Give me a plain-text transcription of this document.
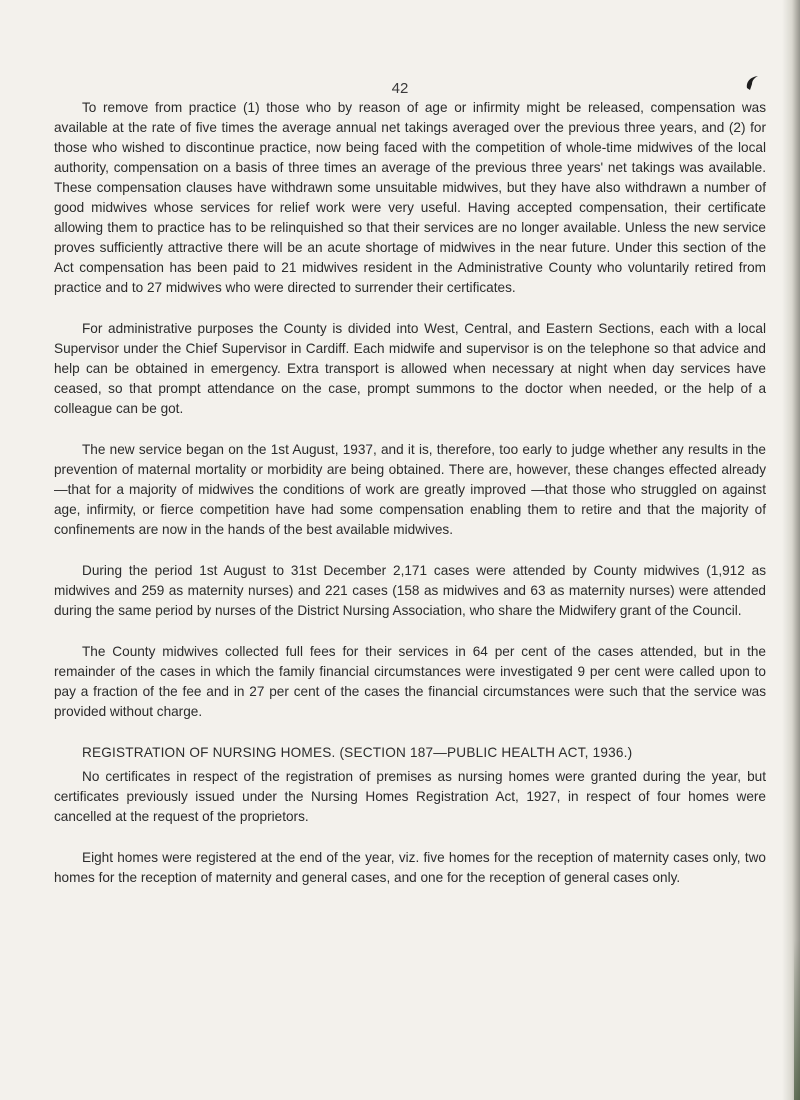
42

To remove from practice (1) those who by reason of age or infirmity might be released, compensation was available at the rate of five times the average annual net takings averaged over the previous three years, and (2) for those who wished to discontinue practice, now being faced with the competition of whole-time midwives of the local authority, compensation on a basis of three times an average of the previous three years' net takings was available. These compensation clauses have withdrawn some unsuitable midwives, but they have also withdrawn a number of good midwives whose services for relief work were very useful. Having accepted compensation, their certificate allowing them to practice has to be relinquished so that their services are no longer available. Unless the new service proves sufficiently attractive there will be an acute shortage of midwives in the near future. Under this section of the Act compensation has been paid to 21 midwives resident in the Administrative County who voluntarily retired from practice and to 27 midwives who were directed to surrender their certificates.

For administrative purposes the County is divided into West, Central, and Eastern Sections, each with a local Supervisor under the Chief Supervisor in Cardiff. Each midwife and supervisor is on the telephone so that advice and help can be obtained in emergency. Extra transport is allowed when necessary at night when day services have ceased, so that prompt attendance on the case, prompt summons to the doctor when needed, or the help of a colleague can be got.

The new service began on the 1st August, 1937, and it is, therefore, too early to judge whether any results in the prevention of maternal mortality or morbidity are being obtained. There are, however, these changes effected already—that for a majority of midwives the conditions of work are greatly improved —that those who struggled on against age, infirmity, or fierce competition have had some compensation enabling them to retire and that the majority of confinements are now in the hands of the best available midwives.

During the period 1st August to 31st December 2,171 cases were attended by County midwives (1,912 as midwives and 259 as maternity nurses) and 221 cases (158 as midwives and 63 as maternity nurses) were attended during the same period by nurses of the District Nursing Association, who share the Midwifery grant of the Council.

The County midwives collected full fees for their services in 64 per cent of the cases attended, but in the remainder of the cases in which the family financial circumstances were investigated 9 per cent were called upon to pay a fraction of the fee and in 27 per cent of the cases the financial circumstances were such that the service was provided without charge.

REGISTRATION OF NURSING HOMES. (SECTION 187—PUBLIC HEALTH ACT, 1936.)

No certificates in respect of the registration of premises as nursing homes were granted during the year, but certificates previously issued under the Nursing Homes Registration Act, 1927, in respect of four homes were cancelled at the request of the proprietors.

Eight homes were registered at the end of the year, viz. five homes for the reception of maternity cases only, two homes for the reception of maternity and general cases, and one for the reception of general cases only.
